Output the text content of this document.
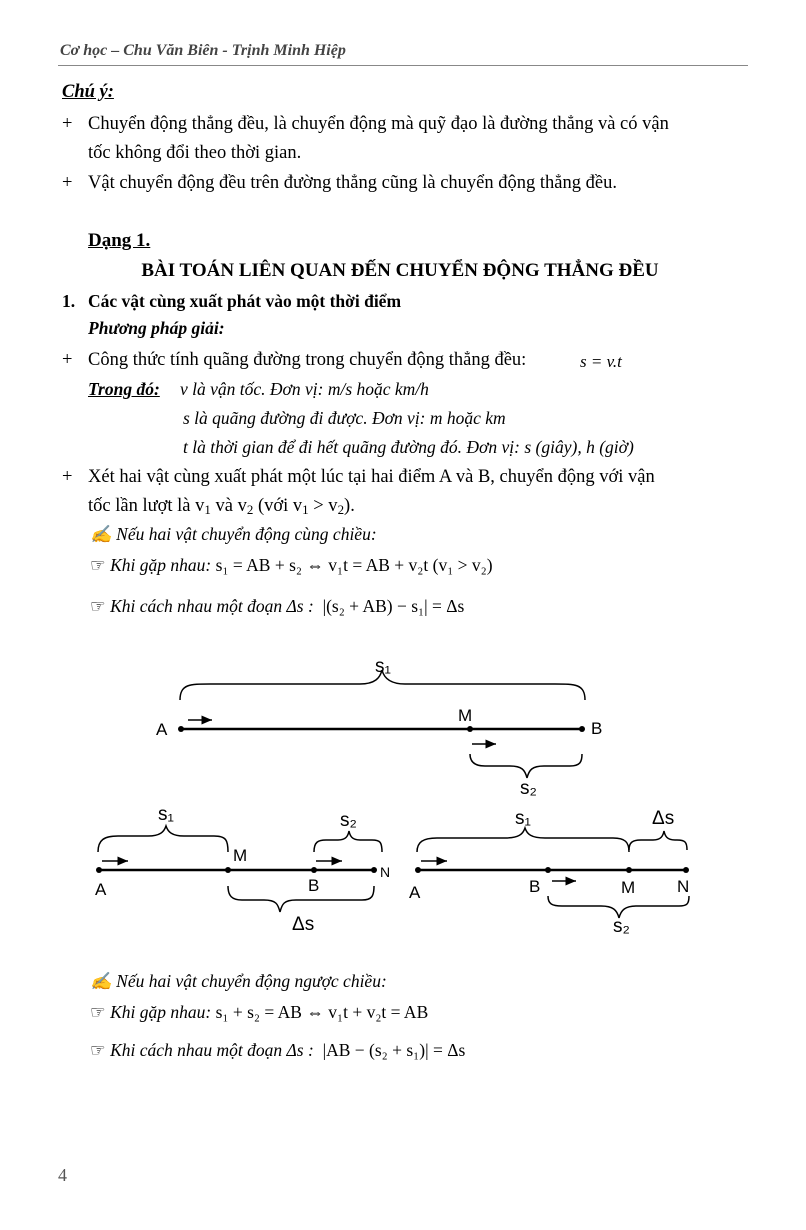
Cơ học – Chu Văn Biên - Trịnh Minh Hiệp
Chú ý:
+ Chuyển động thẳng đều, là chuyển động mà quỹ đạo là đường thẳng và có vận
tốc không đổi theo thời gian.
+ Vật chuyển động đều trên đường thẳng cũng là chuyển động thẳng đều.
Dạng 1.
BÀI TOÁN LIÊN QUAN ĐẾN CHUYỂN ĐỘNG THẲNG ĐỀU
1. Các vật cùng xuất phát vào một thời điểm
Phương pháp giải:
+ Công thức tính quãng đường trong chuyển động thẳng đều:	s = v.t
Trong đó: v là vận tốc. Đơn vị: m/s hoặc km/h
s là quãng đường đi được. Đơn vị: m hoặc km
t là thời gian để đi hết quãng đường đó. Đơn vị: s (giây), h (giờ)
+ Xét hai vật cùng xuất phát một lúc tại hai điểm A và B, chuyển động với vận
tốc lần lượt là $v_1$ và $v_2$ (với $v_1 > v_2$).
✍ Nếu hai vật chuyển động cùng chiều:
☞ Khi gặp nhau: s₁ = AB + s₂ ⇔ v₁t = AB + v₂t (v₁ > v₂)
☞ Khi cách nhau một đoạn Δs : |(s₂ + AB) − s₁| = Δs
s₁
A
M
B
s₂
s₁	s₂
A
M
B
N
Δs
s₁	Δs
A	B	M N
s₂
✍ Nếu hai vật chuyển động ngược chiều:
☞ Khi gặp nhau: s₁ + s₂ = AB ⇔ v₁t + v₂t = AB
☞ Khi cách nhau một đoạn Δs : |AB − (s₂ + s₁)| = Δs
4
